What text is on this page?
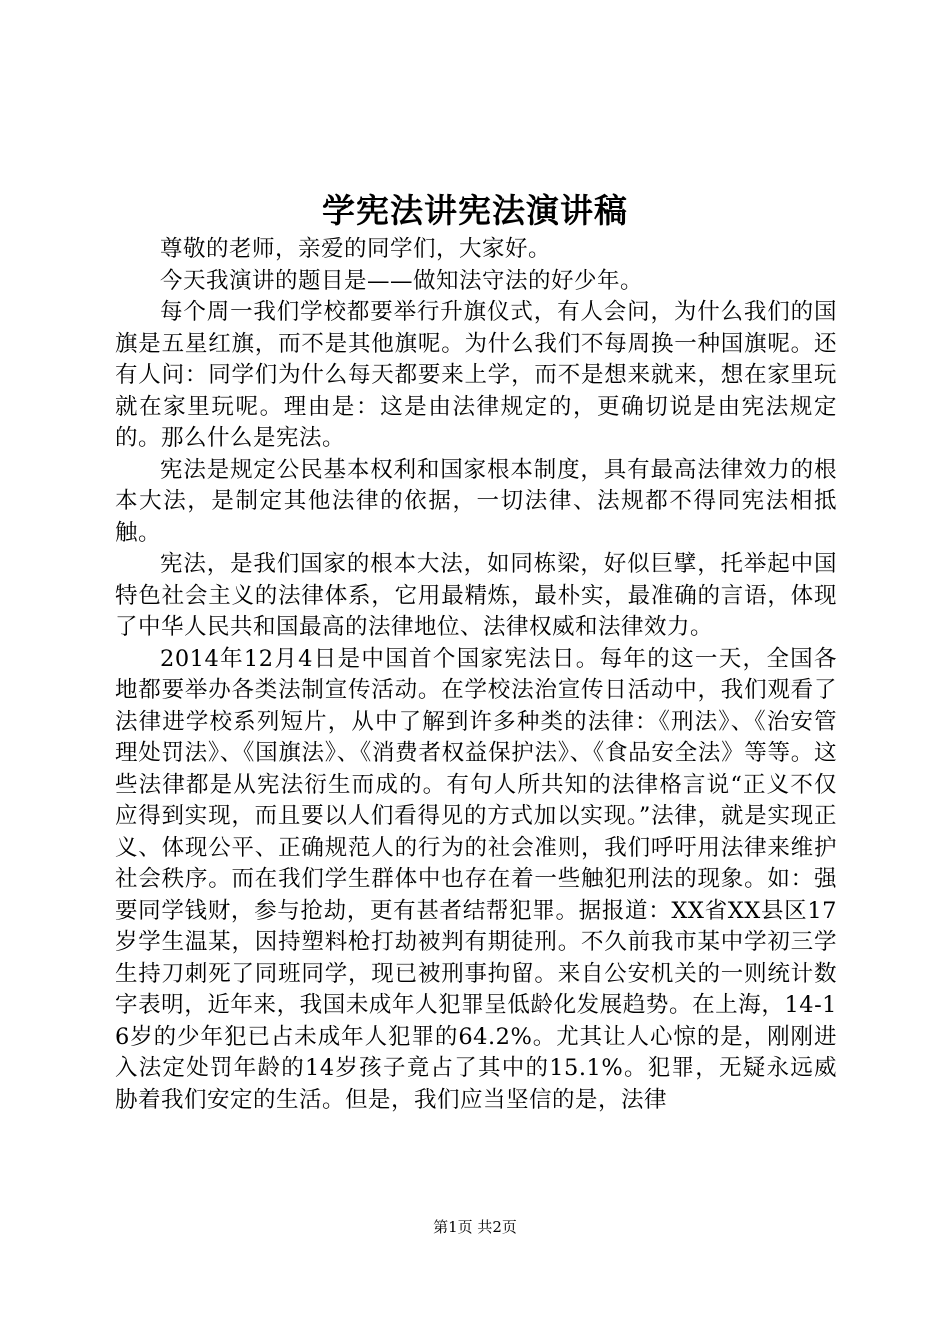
学宪法讲宪法演讲稿

尊敬的老师，亲爱的同学们，大家好。

今天我演讲的题目是——做知法守法的好少年。

每个周一我们学校都要举行升旗仪式，有人会问，为什么我们的国旗是五星红旗，而不是其他旗呢。为什么我们不每周换一种国旗呢。还有人问：同学们为什么每天都要来上学，而不是想来就来，想在家里玩就在家里玩呢。理由是：这是由法律规定的，更确切说是由宪法规定的。那么什么是宪法。

宪法是规定公民基本权利和国家根本制度，具有最高法律效力的根本大法，是制定其他法律的依据，一切法律、法规都不得同宪法相抵触。

宪法，是我们国家的根本大法，如同栋梁，好似巨擘，托举起中国特色社会主义的法律体系，它用最精炼，最朴实，最准确的言语，体现了中华人民共和国最高的法律地位、法律权威和法律效力。

2014年12月4日是中国首个国家宪法日。每年的这一天，全国各地都要举办各类法制宣传活动。在学校法治宣传日活动中，我们观看了法律进学校系列短片，从中了解到许多种类的法律：《刑法》、《治安管理处罚法》、《国旗法》、《消费者权益保护法》、《食品安全法》等等。这些法律都是从宪法衍生而成的。有句人所共知的法律格言说“正义不仅应得到实现，而且要以人们看得见的方式加以实现。”法律，就是实现正义、体现公平、正确规范人的行为的社会准则，我们呼吁用法律来维护社会秩序。而在我们学生群体中也存在着一些触犯刑法的现象。如：强要同学钱财，参与抢劫，更有甚者结帮犯罪。据报道：XX省XX县区17岁学生温某，因持塑料枪打劫被判有期徒刑。不久前我市某中学初三学生持刀刺死了同班同学，现已被刑事拘留。来自公安机关的一则统计数字表明，近年来，我国未成年人犯罪呈低龄化发展趋势。在上海，14-16岁的少年犯已占未成年人犯罪的64.2%。尤其让人心惊的是，刚刚进入法定处罚年龄的14岁孩子竟占了其中的15.1%。犯罪，无疑永远威胁着我们安定的生活。但是，我们应当坚信的是，法律

第1页 共2页
